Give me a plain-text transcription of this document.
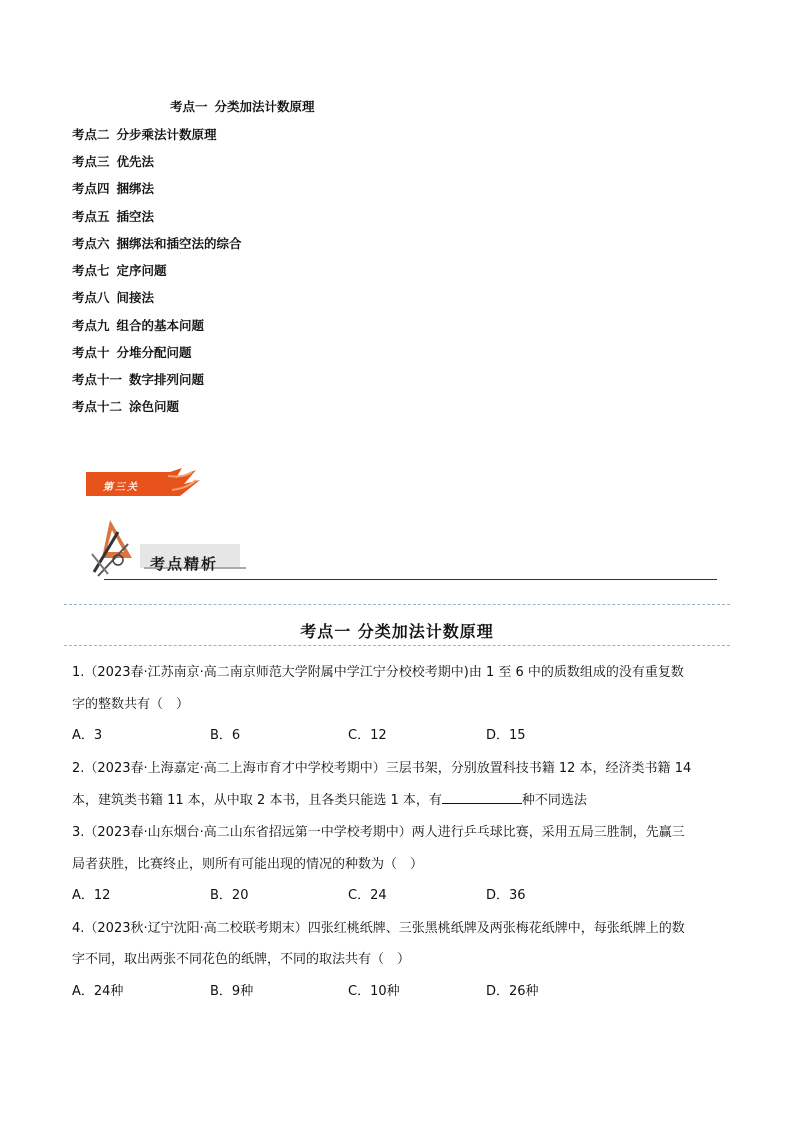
考点一 分类加法计数原理
考点二 分步乘法计数原理
考点三 优先法
考点四 捆绑法
考点五 插空法
考点六 捆绑法和插空法的综合
考点七 定序问题
考点八 间接法
考点九 组合的基本问题
考点十 分堆分配问题
考点十一 数字排列问题
考点十二 涂色问题
第三关
考点精析
考点一 分类加法计数原理
1.（2023春·江苏南京·高二南京师范大学附属中学江宁分校校考期中)由 1 至 6 中的质数组成的没有重复数
字的整数共有（　）
A．3	B．6	C．12	D．15
2.（2023春·上海嘉定·高二上海市育才中学校考期中）三层书架，分别放置科技书籍 12 本，经济类书籍 14
本，建筑类书籍 11 本，从中取 2 本书，且各类只能选 1 本，有	种不同选法
3.（2023春·山东烟台·高二山东省招远第一中学校考期中）两人进行乒乓球比赛，采用五局三胜制，先赢三
局者获胜，比赛终止，则所有可能出现的情况的种数为（　）
A．12	B．20	C．24	D．36
4.（2023秋·辽宁沈阳·高二校联考期末）四张红桃纸牌、三张黑桃纸牌及两张梅花纸牌中，每张纸牌上的数
字不同，取出两张不同花色的纸牌，不同的取法共有（　）
A．24种	B．9种	C．10种	D．26种
